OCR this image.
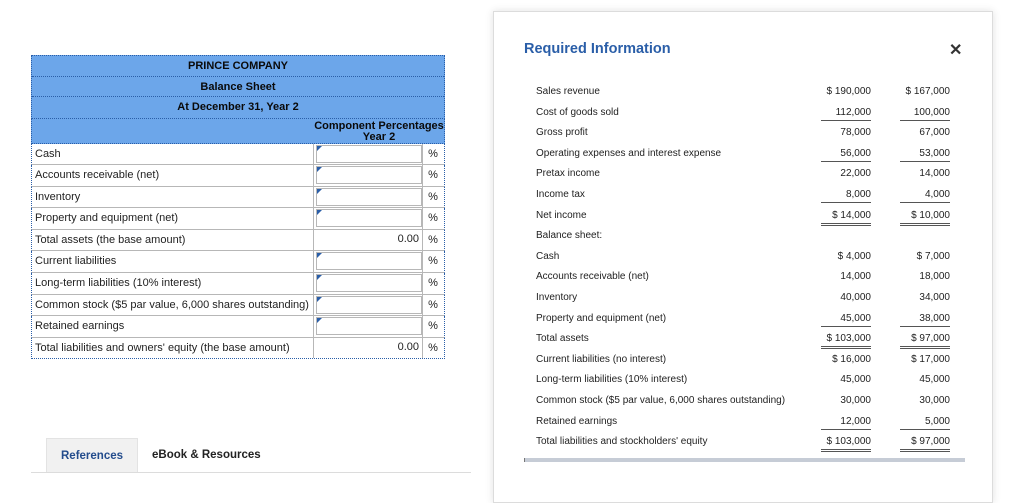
PRINCE COMPANY
Balance Sheet
At December 31, Year 2
Component Percentages Year 2
Cash	%
Accounts receivable (net)	%
Inventory	%
Property and equipment (net)	%
Total assets (the base amount)	0.00 %
Current liabilities	%
Long-term liabilities (10% interest)	%
Common stock ($5 par value, 6,000 shares outstanding)	%
Retained earnings	%
Total liabilities and owners' equity (the base amount)	0.00 %
References	eBook & Resources
Required Information	✕
Sales revenue	$ 190,000	$ 167,000
Cost of goods sold	112,000	100,000
Gross profit	78,000	67,000
Operating expenses and interest expense	56,000	53,000
Pretax income	22,000	14,000
Income tax	8,000	4,000
Net income	$ 14,000	$ 10,000
Balance sheet:
Cash	$ 4,000	$ 7,000
Accounts receivable (net)	14,000	18,000
Inventory	40,000	34,000
Property and equipment (net)	45,000	38,000
Total assets	$ 103,000	$ 97,000
Current liabilities (no interest)	$ 16,000	$ 17,000
Long-term liabilities (10% interest)	45,000	45,000
Common stock ($5 par value, 6,000 shares outstanding)	30,000	30,000
Retained earnings	12,000	5,000
Total liabilities and stockholders' equity	$ 103,000	$ 97,000
